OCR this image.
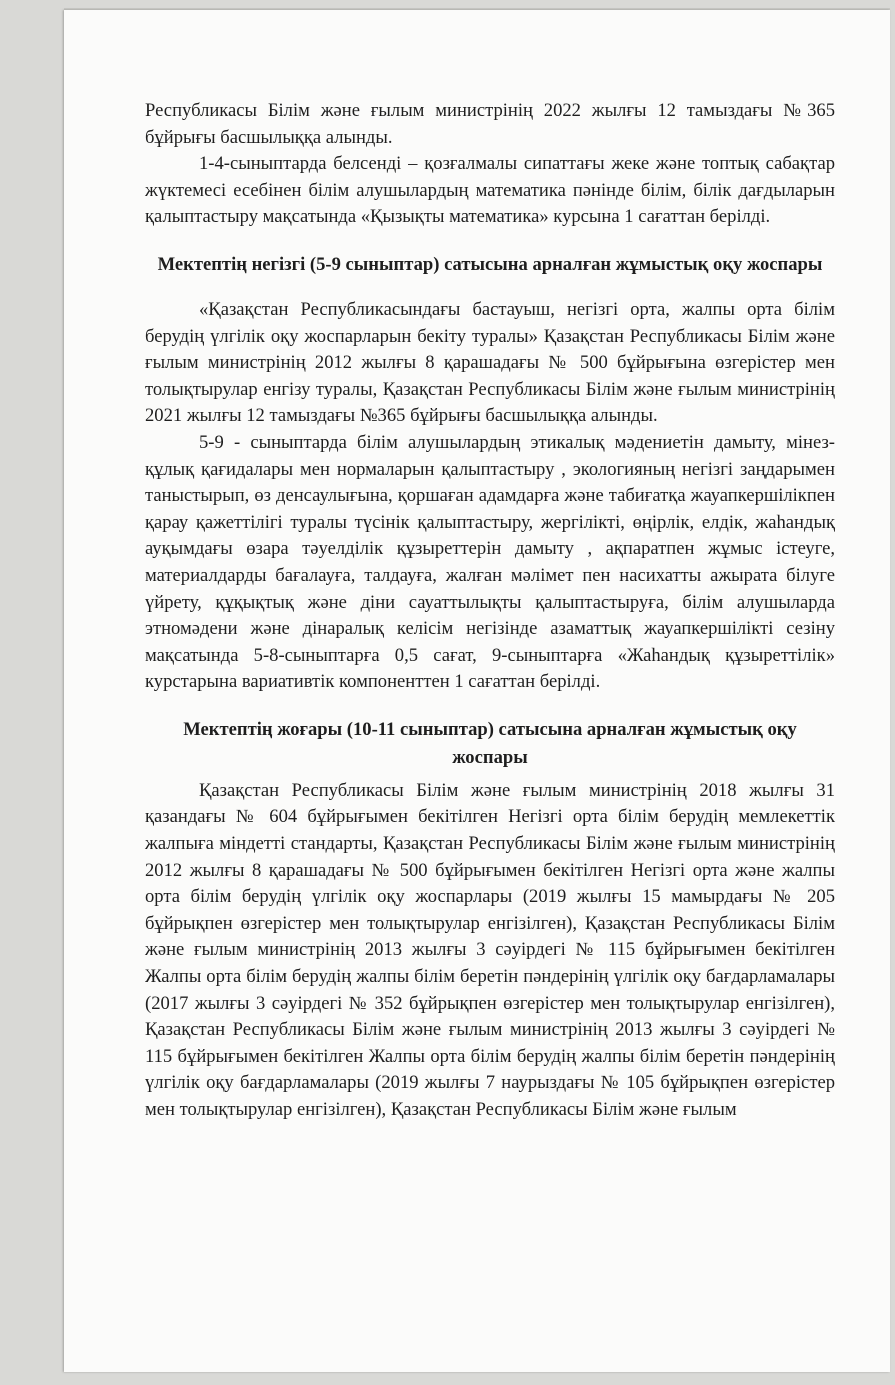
Республикасы Білім және ғылым министрінің 2022 жылғы 12 тамыздағы №365 бұйрығы басшылыққа алынды.

1-4-сыныптарда белсенді – қозғалмалы сипаттағы жеке және топтық сабақтар жүктемесі есебінен білім алушылардың математика пәнінде білім, білік дағдыларын қалыптастыру мақсатында «Қызықты математика» курсына 1 сағаттан берілді.

Мектептің негізгі (5-9 сыныптар) сатысына арналған жұмыстық оқу жоспары

«Қазақстан Республикасындағы бастауыш, негізгі орта, жалпы орта білім берудің үлгілік оқу жоспарларын бекіту туралы» Қазақстан Республикасы Білім және ғылым министрінің 2012 жылғы 8 қарашадағы № 500 бұйрығына өзгерістер мен толықтырулар енгізу туралы, Қазақстан Республикасы Білім және ғылым министрінің 2021 жылғы 12 тамыздағы №365 бұйрығы басшылыққа алынды.

5-9 - сыныптарда білім алушылардың этикалық мәдениетін дамыту, мінез-құлық қағидалары мен нормаларын қалыптастыру , экологияның негізгі заңдарымен таныстырып, өз денсаулығына, қоршаған адамдарға және табиғатқа жауапкершілікпен қарау қажеттілігі туралы түсінік қалыптастыру, жергілікті, өңірлік, елдік, жаһандық ауқымдағы өзара тәуелділік құзыреттерін дамыту , ақпаратпен жұмыс істеуге, материалдарды бағалауға, талдауға, жалған мәлімет пен насихатты ажырата білуге үйрету, құқықтық және діни сауаттылықты қалыптастыруға, білім алушыларда этномәдени және дінаралық келісім негізінде азаматтық жауапкершілікті сезіну мақсатында 5-8-сыныптарға 0,5 сағат, 9-сыныптарға «Жаһандық құзыреттілік» курстарына вариативтік компоненттен 1 сағаттан берілді.

Мектептің жоғары (10-11 сыныптар) сатысына арналған жұмыстық оқу жоспары

Қазақстан Республикасы Білім және ғылым министрінің 2018 жылғы 31 қазандағы № 604 бұйрығымен бекітілген Негізгі орта білім берудің мемлекеттік жалпыға міндетті стандарты, Қазақстан Республикасы Білім және ғылым министрінің 2012 жылғы 8 қарашадағы № 500 бұйрығымен бекітілген Негізгі орта және жалпы орта білім берудің үлгілік оқу жоспарлары (2019 жылғы 15 мамырдағы № 205 бұйрықпен өзгерістер мен толықтырулар енгізілген), Қазақстан Республикасы Білім және ғылым министрінің 2013 жылғы 3 сәуірдегі № 115 бұйрығымен бекітілген Жалпы орта білім берудің жалпы білім беретін пәндерінің үлгілік оқу бағдарламалары (2017 жылғы 3 сәуірдегі № 352 бұйрықпен өзгерістер мен толықтырулар енгізілген), Қазақстан Республикасы Білім және ғылым министрінің 2013 жылғы 3 сәуірдегі № 115 бұйрығымен бекітілген Жалпы орта білім берудің жалпы білім беретін пәндерінің үлгілік оқу бағдарламалары (2019 жылғы 7 наурыздағы № 105 бұйрықпен өзгерістер мен толықтырулар енгізілген), Қазақстан Республикасы Білім және ғылым
